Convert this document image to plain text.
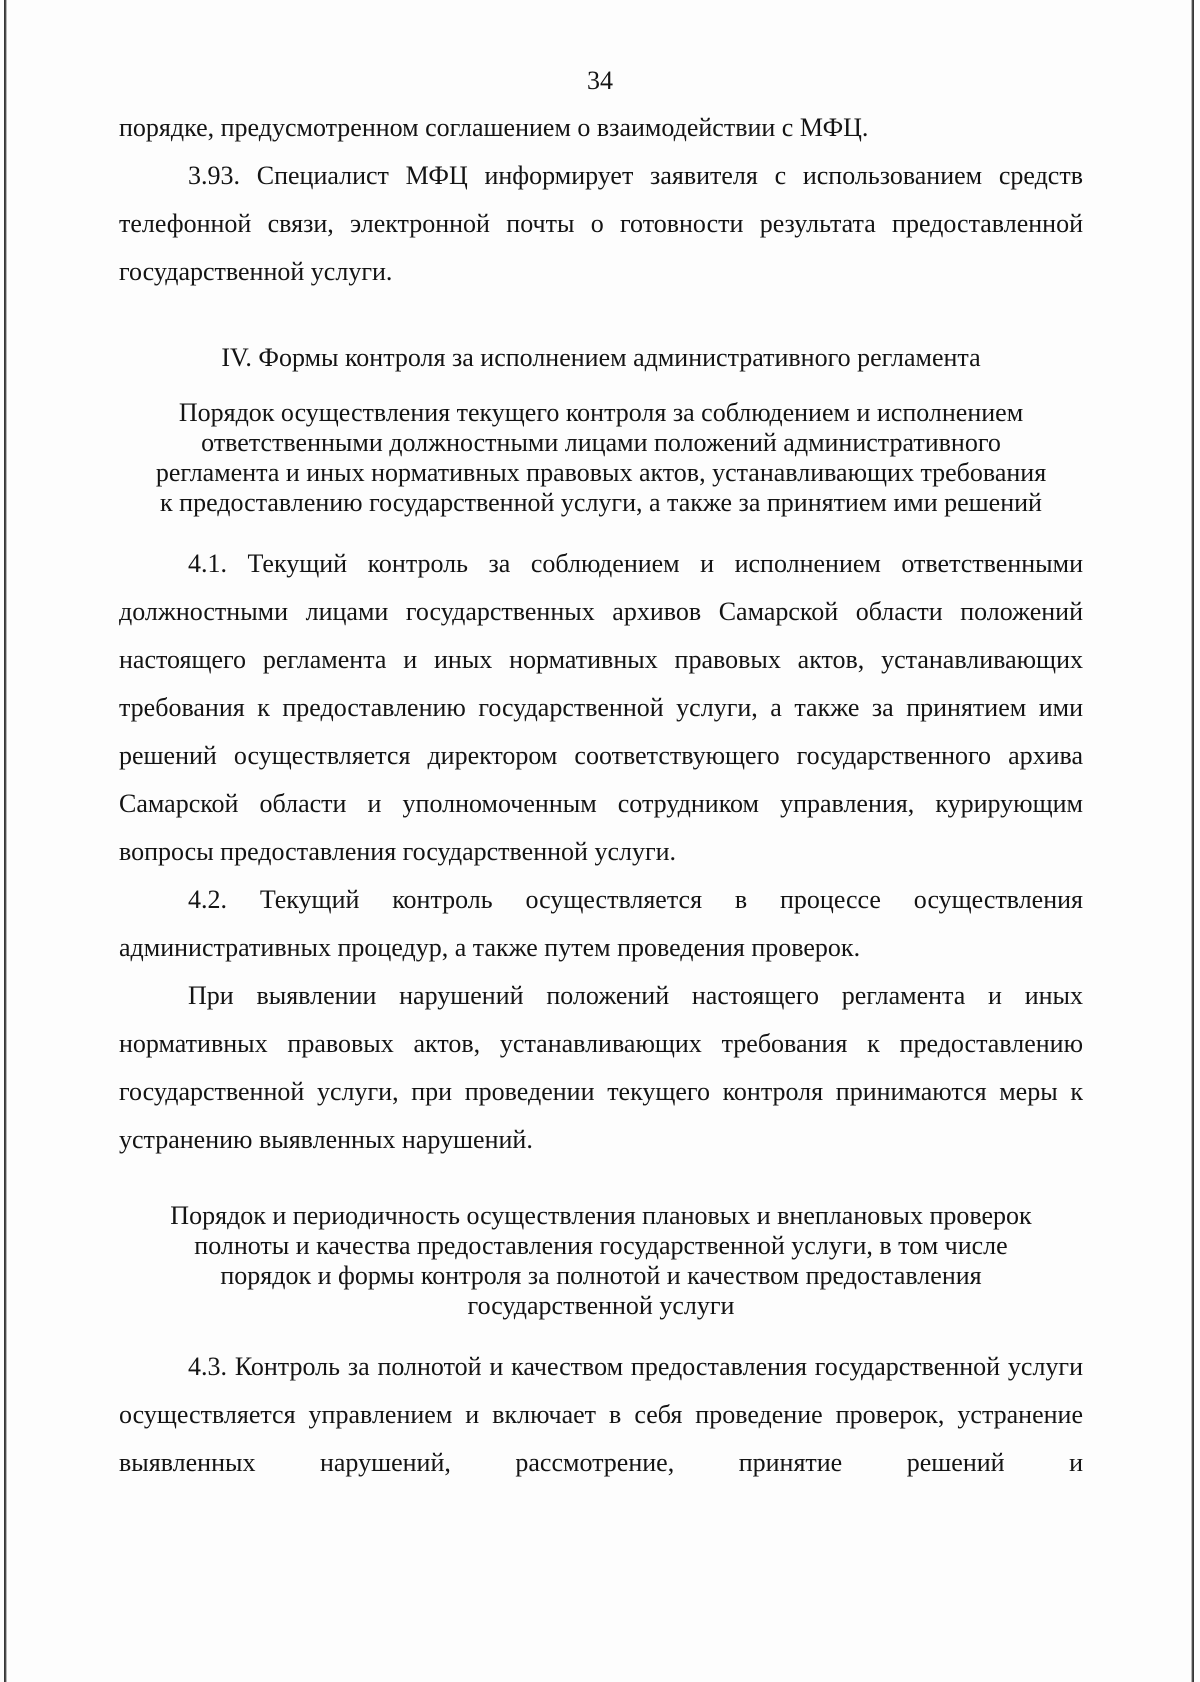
34

порядке, предусмотренном соглашением о взаимодействии с МФЦ.

3.93. Специалист МФЦ информирует заявителя с использованием средств телефонной связи, электронной почты о готовности результата предоставленной государственной услуги.

IV. Формы контроля за исполнением административного регламента

Порядок осуществления текущего контроля за соблюдением и исполнением

ответственными должностными лицами положений административного

регламента и иных нормативных правовых актов, устанавливающих требования

к предоставлению государственной услуги, а также за принятием ими решений

4.1. Текущий контроль за соблюдением и исполнением ответственными должностными лицами государственных архивов Самарской области положений настоящего регламента и иных нормативных правовых актов, устанавливающих требования к предоставлению государственной услуги, а также за принятием ими решений осуществляется директором соответствующего государственного архива Самарской области и уполномоченным сотрудником управления, курирующим вопросы предоставления государственной услуги.

4.2. Текущий контроль осуществляется в процессе осуществления административных процедур, а также путем проведения проверок.

При выявлении нарушений положений настоящего регламента и иных нормативных правовых актов, устанавливающих требования к предоставлению государственной услуги, при проведении текущего контроля принимаются меры к устранению выявленных нарушений.

Порядок и периодичность осуществления плановых и внеплановых проверок

полноты и качества предоставления государственной услуги, в том числе

порядок и формы контроля за полнотой и качеством предоставления

государственной услуги

4.3. Контроль за полнотой и качеством предоставления государственной услуги осуществляется управлением и включает в себя проведение проверок, устранение выявленных нарушений, рассмотрение, принятие решений и
